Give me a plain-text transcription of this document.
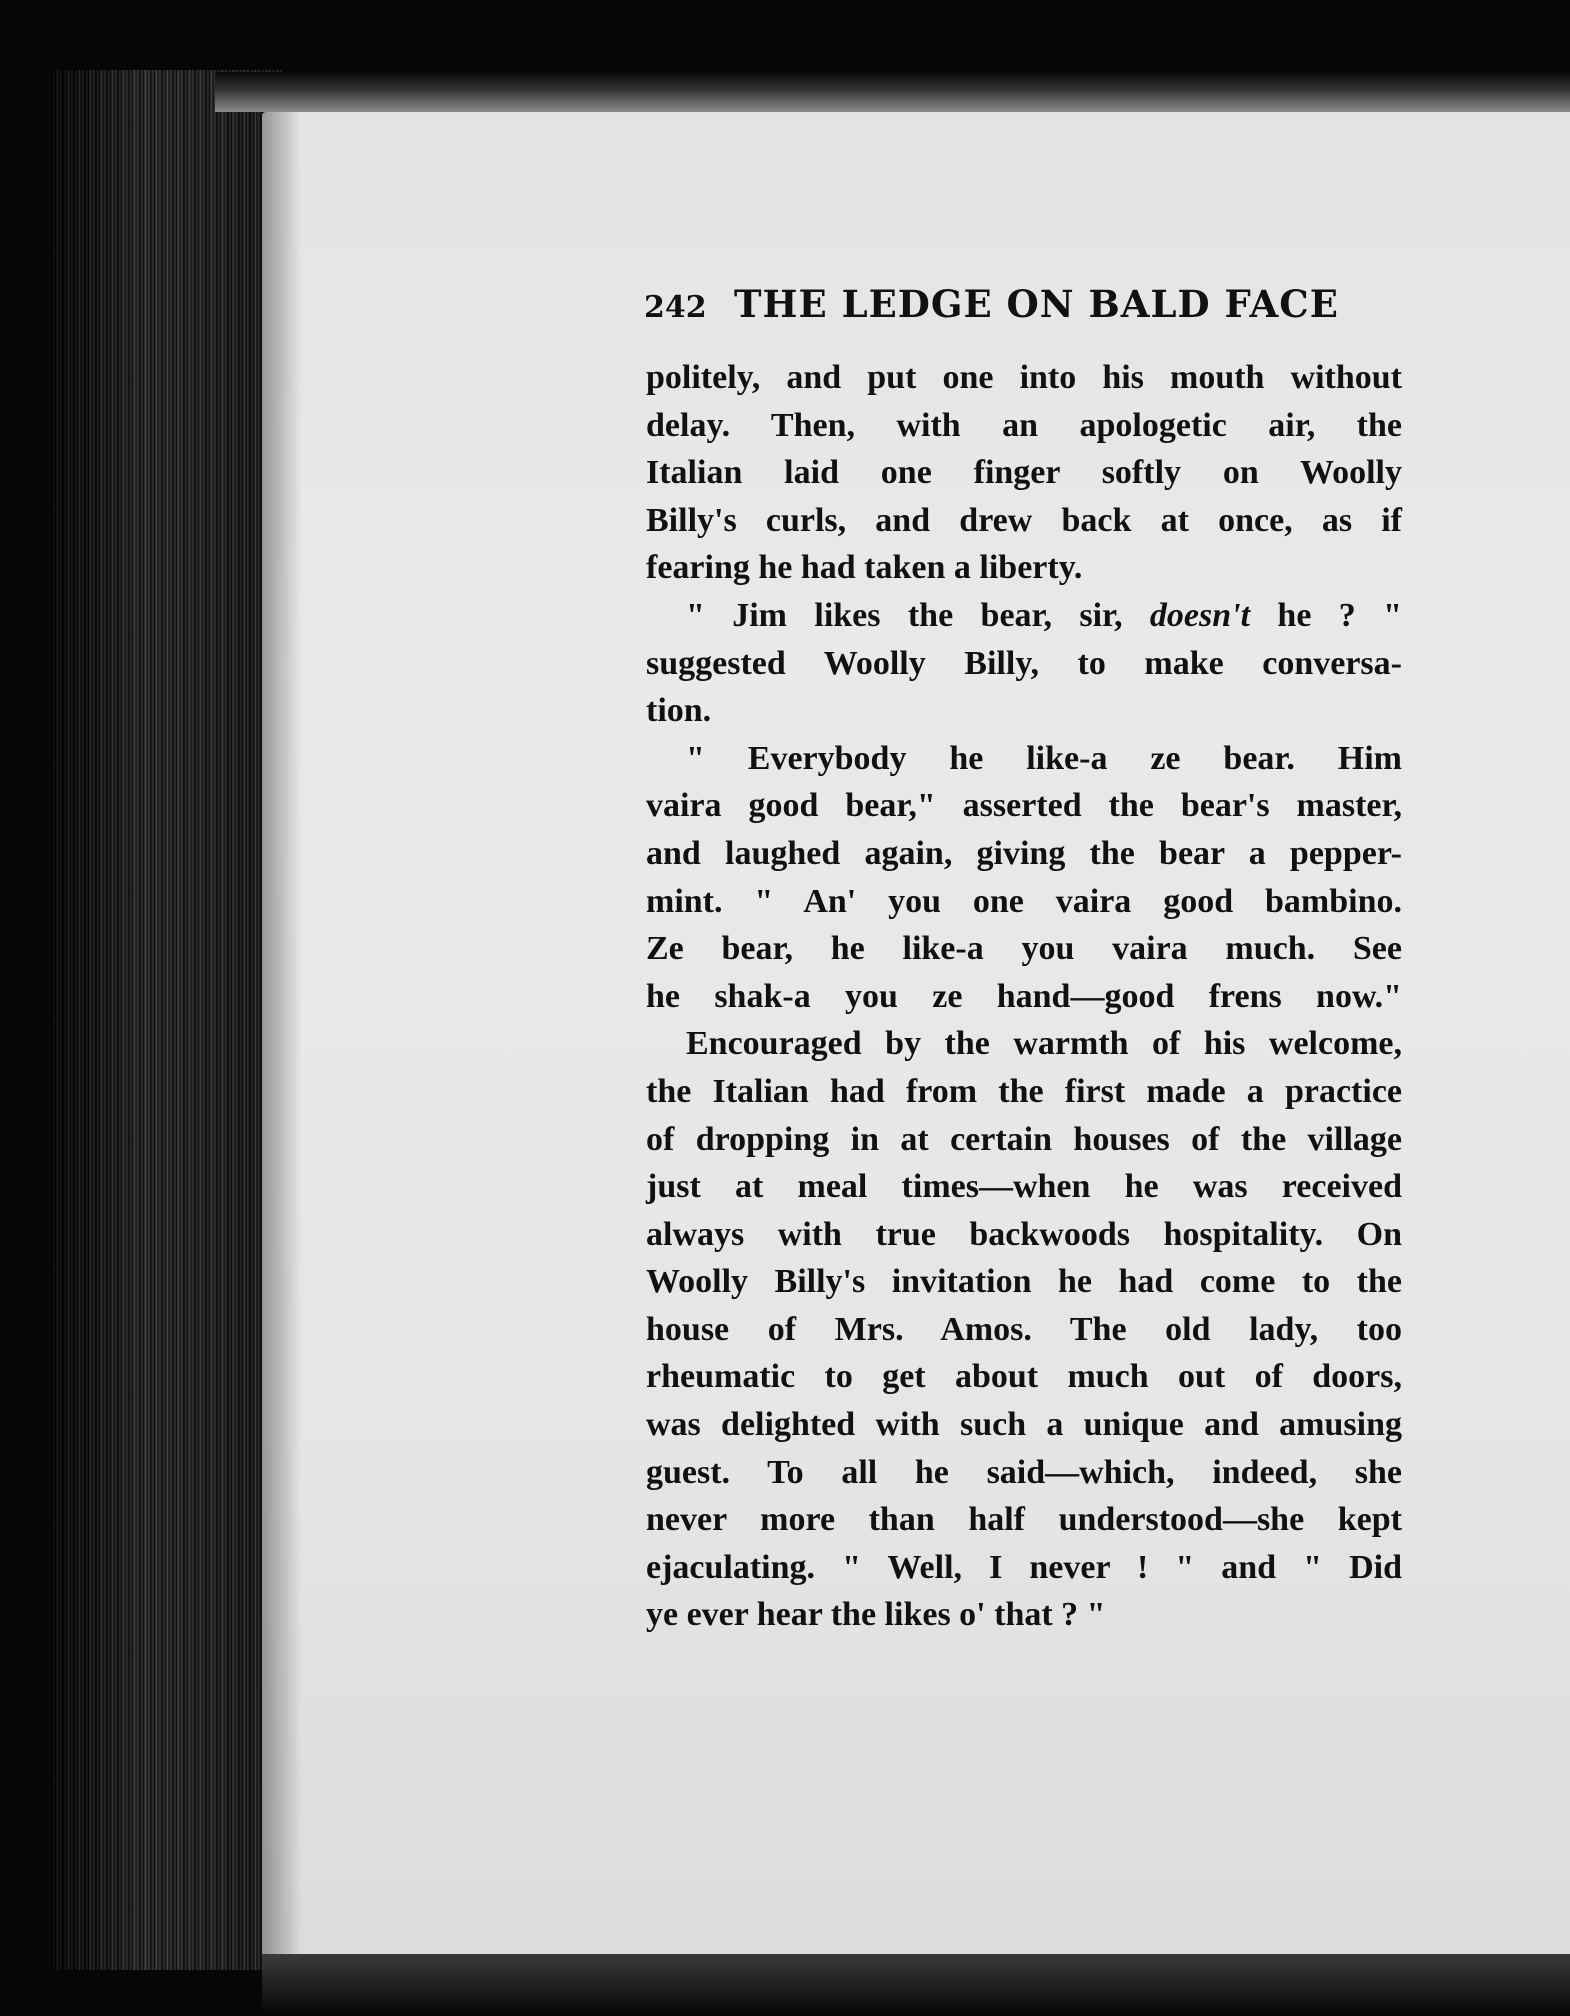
242 THE LEDGE ON BALD FACE
politely, and put one into his mouth without
delay. Then, with an apologetic air, the
Italian laid one finger softly on Woolly
Billy's curls, and drew back at once, as if
fearing he had taken a liberty.
" Jim likes the bear, sir, doesn't he ? "
suggested Woolly Billy, to make conversa-
tion.
" Everybody he like-a ze bear. Him
vaira good bear," asserted the bear's master,
and laughed again, giving the bear a pepper-
mint. " An' you one vaira good bambino.
Ze bear, he like-a you vaira much. See
he shak-a you ze hand—good frens now."
Encouraged by the warmth of his welcome,
the Italian had from the first made a practice
of dropping in at certain houses of the village
just at meal times—when he was received
always with true backwoods hospitality. On
Woolly Billy's invitation he had come to the
house of Mrs. Amos. The old lady, too
rheumatic to get about much out of doors,
was delighted with such a unique and amusing
guest. To all he said—which, indeed, she
never more than half understood—she kept
ejaculating. " Well, I never ! " and " Did
ye ever hear the likes o' that ? "
